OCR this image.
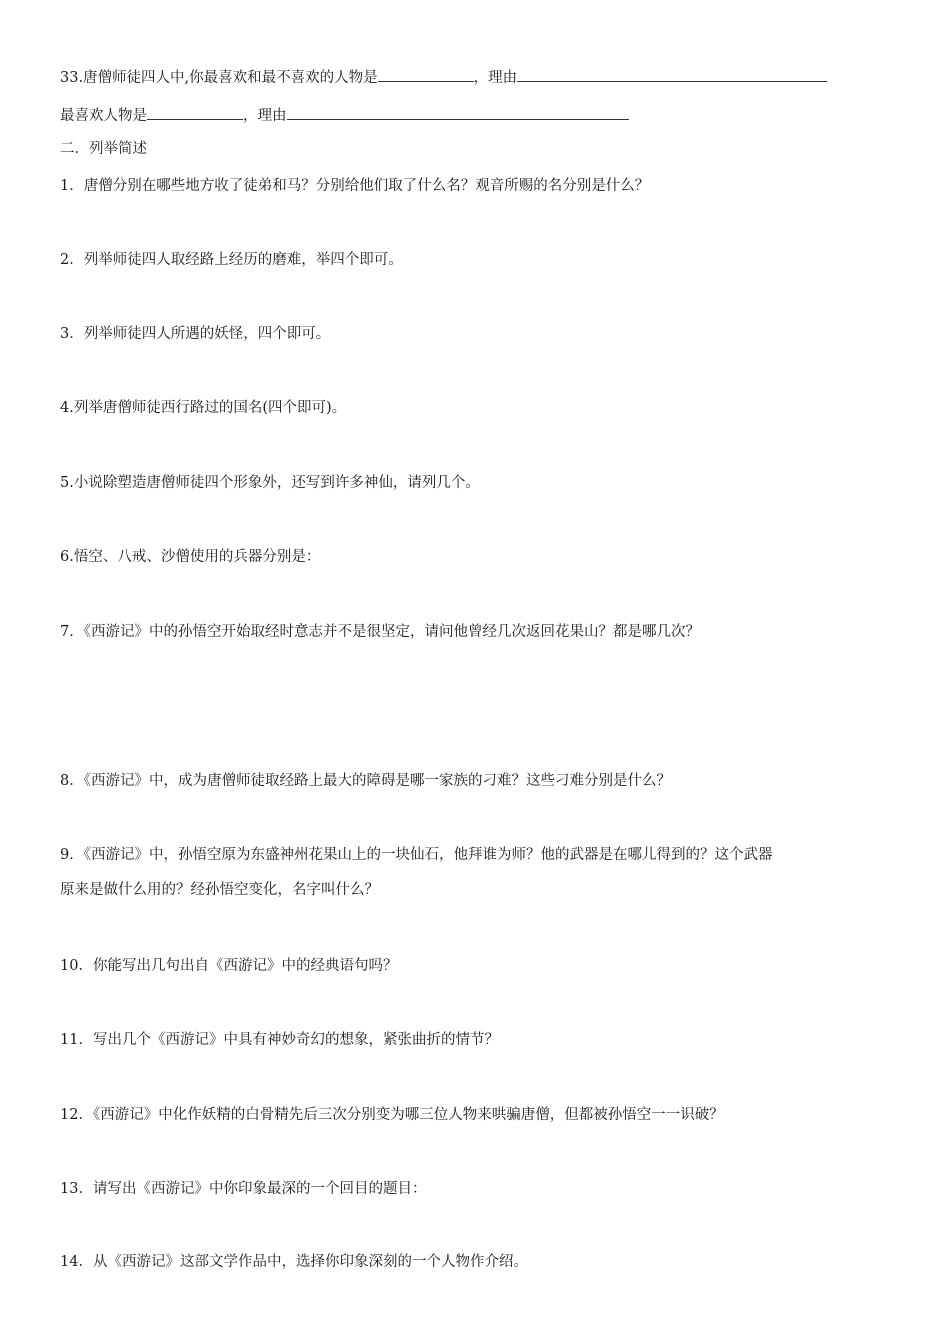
33.唐僧师徒四人中,你最喜欢和最不喜欢的人物是	，理由
最喜欢人物是	，理由
二．列举简述
1．唐僧分别在哪些地方收了徒弟和马？分别给他们取了什么名？观音所赐的名分别是什么？
2．列举师徒四人取经路上经历的磨难，举四个即可。
3．列举师徒四人所遇的妖怪，四个即可。
4.列举唐僧师徒西行路过的国名(四个即可)。
5.小说除塑造唐僧师徒四个形象外，还写到许多神仙，请列几个。
6.悟空、八戒、沙僧使用的兵器分别是：
7．《西游记》中的孙悟空开始取经时意志并不是很坚定，请问他曾经几次返回花果山？都是哪几次？
8．《西游记》中，成为唐僧师徒取经路上最大的障碍是哪一家族的刁难？这些刁难分别是什么？
9．《西游记》中，孙悟空原为东盛神州花果山上的一块仙石，他拜谁为师？他的武器是在哪儿得到的？这个武器
原来是做什么用的？经孙悟空变化，名字叫什么？
10．你能写出几句出自《西游记》中的经典语句吗？
11．写出几个《西游记》中具有神妙奇幻的想象，紧张曲折的情节？
12．《西游记》中化作妖精的白骨精先后三次分别变为哪三位人物来哄骗唐僧，但都被孙悟空一一识破？
13．请写出《西游记》中你印象最深的一个回目的题目：
14．从《西游记》这部文学作品中，选择你印象深刻的一个人物作介绍。
